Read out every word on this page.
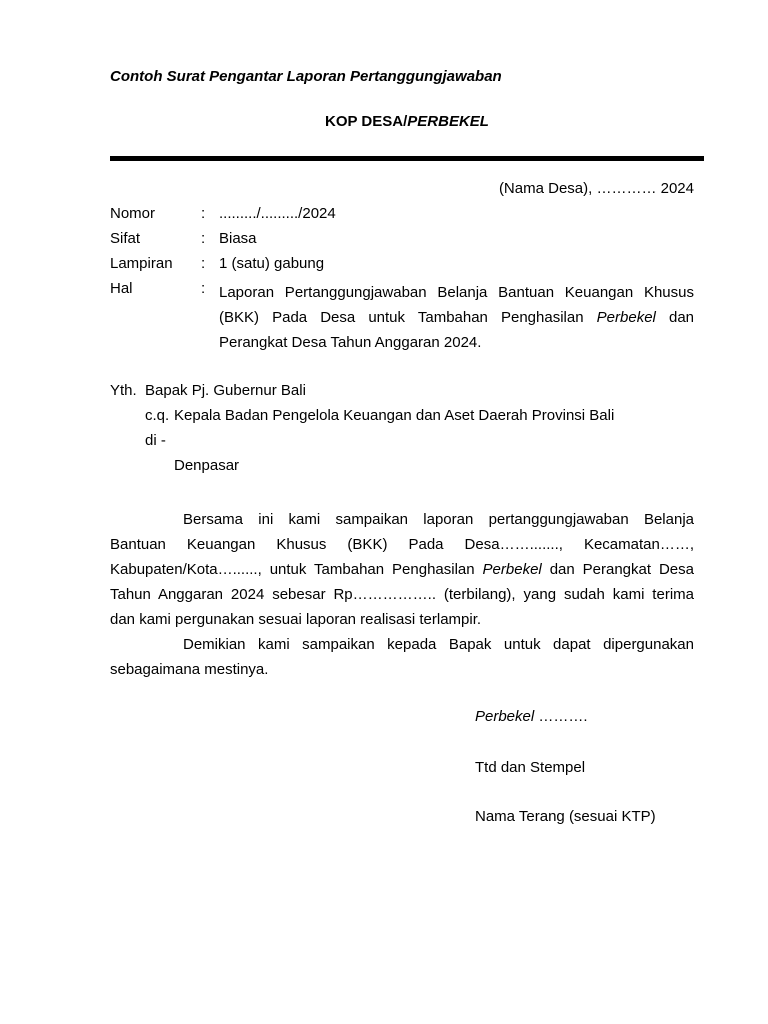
Contoh Surat Pengantar Laporan Pertanggungjawaban
KOP DESA/PERBEKEL
(Nama Desa), ………… 2024
Nomor	: ........./........./2024
Sifat	: Biasa
Lampiran : 1 (satu) gabung
Hal	: Laporan Pertanggungjawaban Belanja Bantuan Keuangan Khusus
(BKK) Pada Desa untuk Tambahan Penghasilan Perbekel dan
Perangkat Desa Tahun Anggaran 2024.
Yth. Bapak Pj. Gubernur Bali
c.q. Kepala Badan Pengelola Keuangan dan Aset Daerah Provinsi Bali
di -
Denpasar
Bersama ini kami sampaikan laporan pertanggungjawaban Belanja
Bantuan Keuangan Khusus (BKK) Pada Desa……......., Kecamatan……,
Kabupaten/Kota…......, untuk Tambahan Penghasilan Perbekel dan Perangkat Desa
Tahun Anggaran 2024 sebesar Rp…………….. (terbilang), yang sudah kami terima
dan kami pergunakan sesuai laporan realisasi terlampir.
Demikian kami sampaikan kepada Bapak untuk dapat dipergunakan
sebagaimana mestinya.
Perbekel ……….
Ttd dan Stempel
Nama Terang (sesuai KTP)
